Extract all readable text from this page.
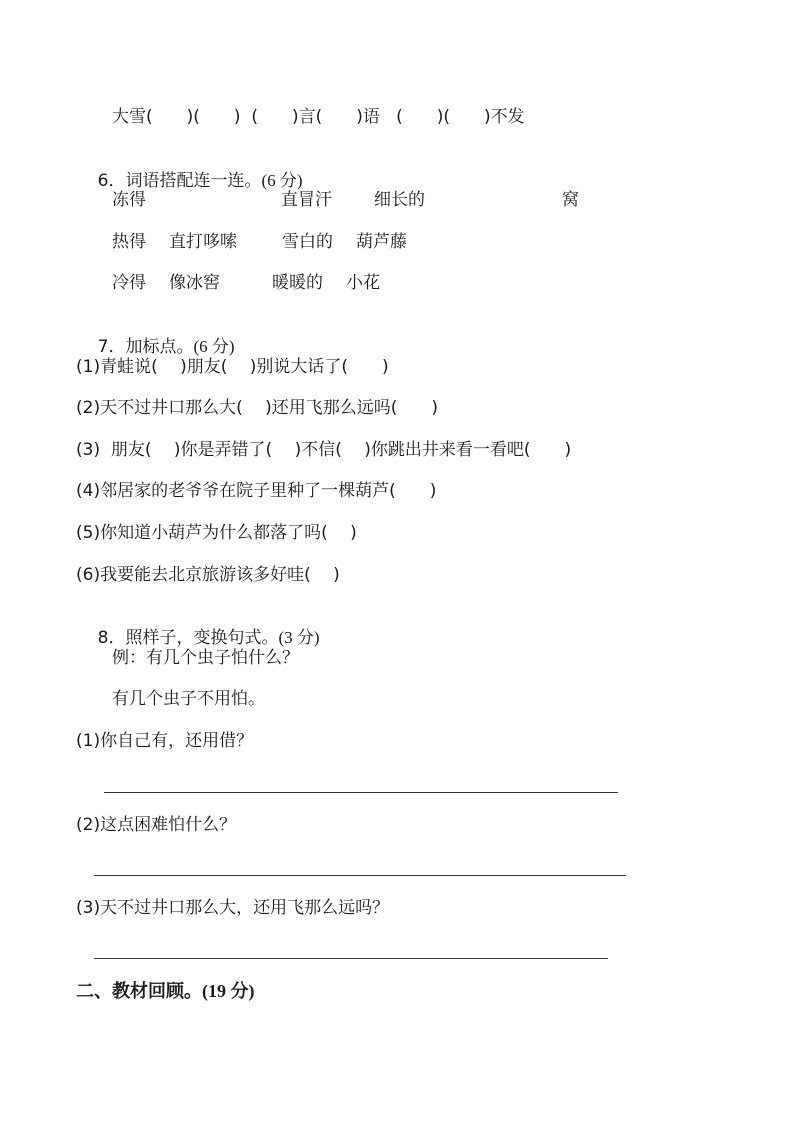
大雪(　　)(　　)  (　　)言(　　)语   (　　)(　　)不发

6．词语搭配连一连。(6 分)

冻得	直冒汗 细长的	窝
热得 直打哆嗦	雪白的 葫芦藤
冷得 像冰窖	暖暖的 小花

7．加标点。(6 分)

(1)青蛙说(　 )朋友(　 )别说大话了(　　)
(2)天不过井口那么大(　 )还用飞那么远吗(　　)
(3)  朋友(　 )你是弄错了(　 )不信(　 )你跳出井来看一看吧(　　)
(4)邻居家的老爷爷在院子里种了一棵葫芦(　　)
(5)你知道小葫芦为什么都落了吗(　 )
(6)我要能去北京旅游该多好哇(　 )

8．照样子，变换句式。(3 分)

例：有几个虫子怕什么？
有几个虫子不用怕。
(1)你自己有，还用借？
(2)这点困难怕什么？
(3)天不过井口那么大，还用飞那么远吗？
二、教材回顾。(19 分)
